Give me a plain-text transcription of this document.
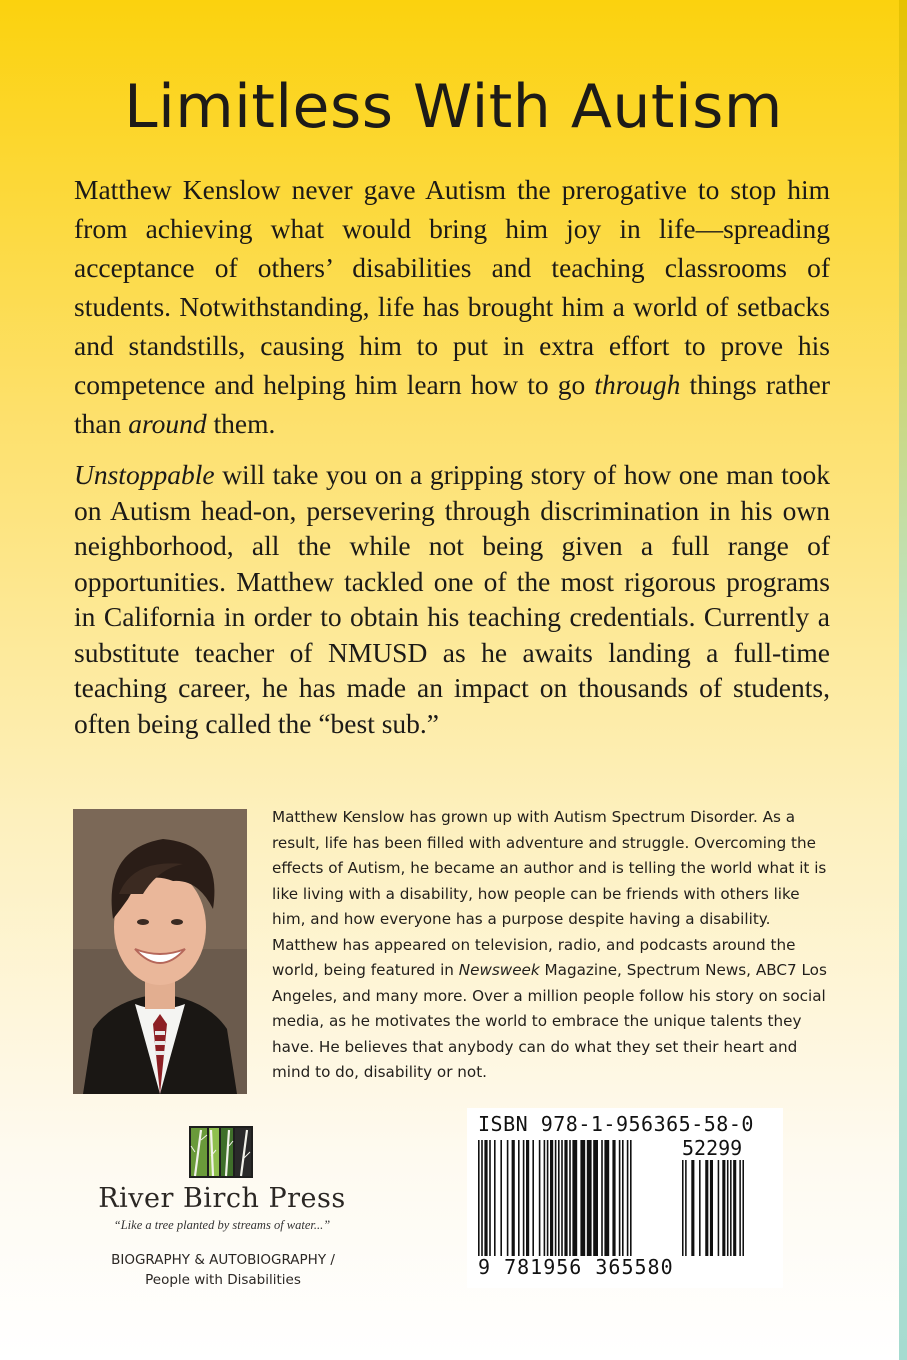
Limitless With Autism

Matthew Kenslow never gave Autism the prerogative to stop him from achieving what would bring him joy in life—spreading acceptance of others’ disabilities and teaching classrooms of students. Notwithstanding, life has brought him a world of setbacks and standstills, causing him to put in extra effort to prove his competence and helping him learn how to go through things rather than around them.

Unstoppable will take you on a gripping story of how one man took on Autism head-on, persevering through discrimination in his own neighborhood, all the while not being given a full range of opportunities. Matthew tackled one of the most rigorous programs in California in order to obtain his teaching credentials. Currently a substitute teacher of NMUSD as he awaits landing a full-time teaching career, he has made an impact on thousands of students, often being called the “best sub.”

Matthew Kenslow has grown up with Autism Spectrum Disorder. As a result, life has been filled with adventure and struggle. Overcoming the effects of Autism, he became an author and is telling the world what it is like living with a disability, how people can be friends with others like him, and how everyone has a purpose despite having a disability. Matthew has appeared on television, radio, and podcasts around the world, being featured in Newsweek Magazine, Spectrum News, ABC7 Los Angeles, and many more. Over a million people follow his story on social media, as he motivates the world to embrace the unique talents they have. He believes that anybody can do what they set their heart and mind to do, disability or not.

River Birch Press
“Like a tree planted by streams of water...”
BIOGRAPHY & AUTOBIOGRAPHY /
People with Disabilities
ISBN 978-1-956365-58-0
52299
9 781956 365580
